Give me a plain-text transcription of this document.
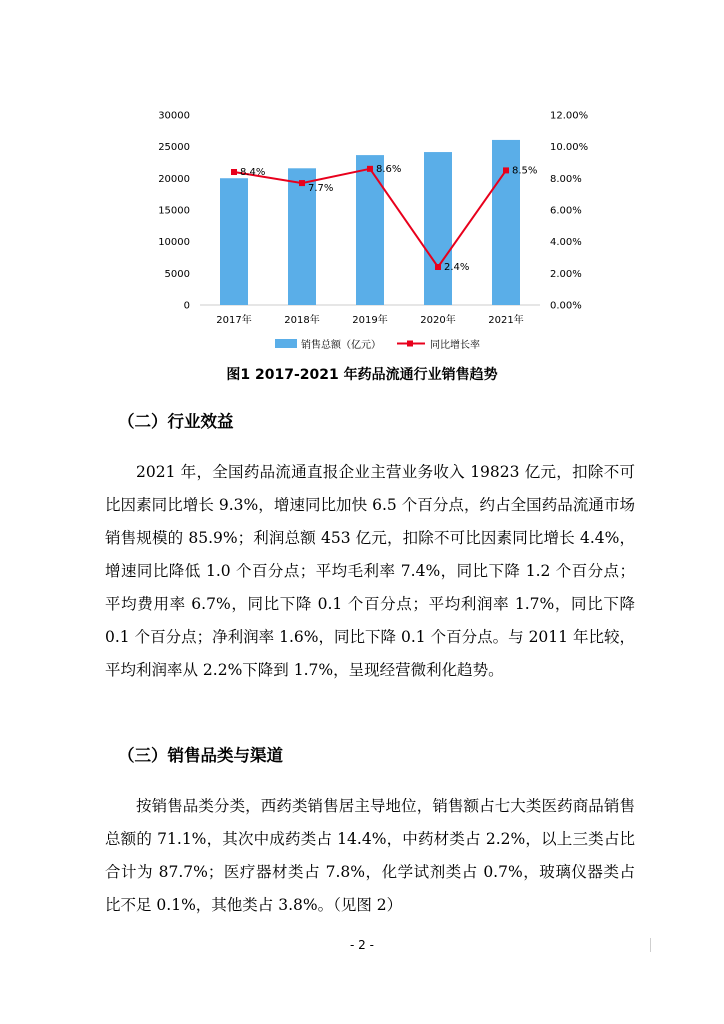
0
5000
10000
15000
20000
25000
30000
0.00%
2.00%
4.00%
6.00%
8.00%
10.00%
12.00%
8.4%
7.7%
8.6%
2.4%
8.5%
2017年	2018年	2019年	2020年	2021年
销售总额（亿元）	同比增长率
图1 2017-2021 年药品流通行业销售趋势
（二）行业效益

2021 年，全国药品流通直报企业主营业务收入 19823 亿元，扣除不可比因素同比增长 9.3%，增速同比加快 6.5 个百分点，约占全国药品流通市场销售规模的 85.9%；利润总额 453 亿元，扣除不可比因素同比增长 4.4%，增速同比降低 1.0 个百分点；平均毛利率 7.4%，同比下降 1.2 个百分点；平均费用率 6.7%，同比下降 0.1 个百分点；平均利润率 1.7%，同比下降 0.1 个百分点；净利润率 1.6%，同比下降 0.1 个百分点。与 2011 年比较，平均利润率从 2.2%下降到 1.7%，呈现经营微利化趋势。

（三）销售品类与渠道

按销售品类分类，西药类销售居主导地位，销售额占七大类医药商品销售总额的 71.1%，其次中成药类占 14.4%，中药材类占 2.2%，以上三类占比合计为 87.7%；医疗器材类占 7.8%，化学试剂类占 0.7%，玻璃仪器类占比不足 0.1%，其他类占 3.8%。（见图 2）

- 2 -
